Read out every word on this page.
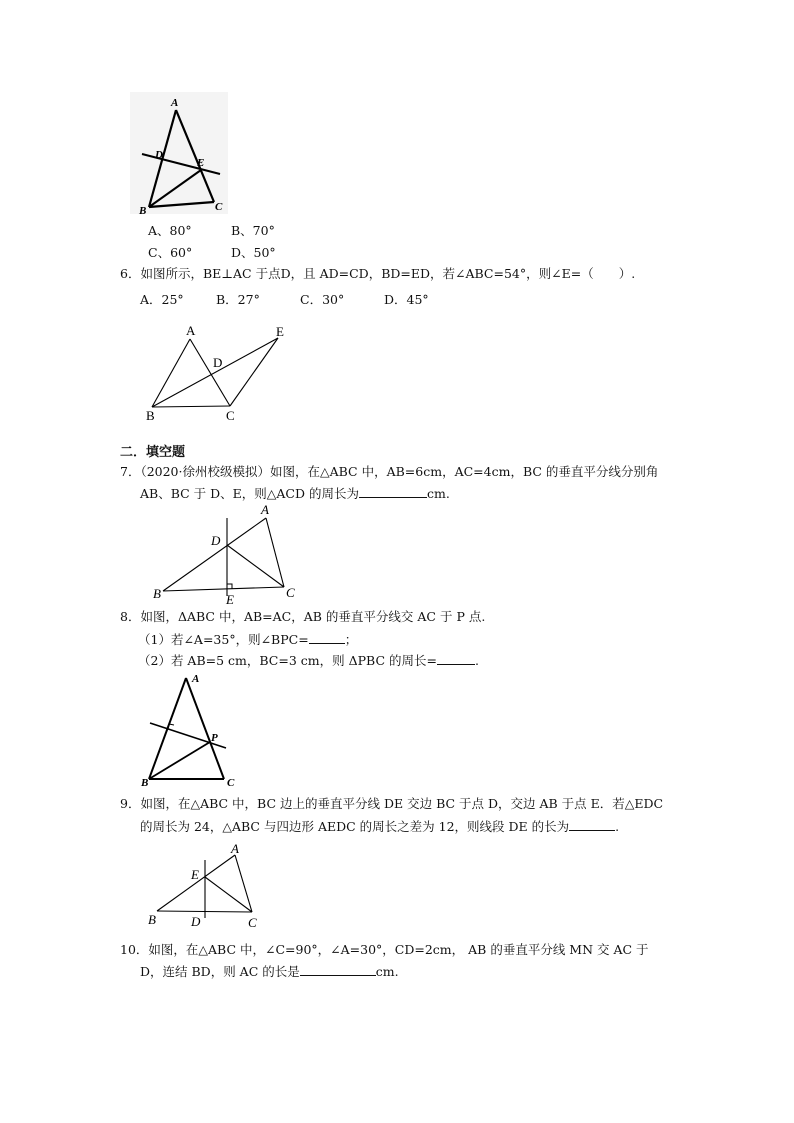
A
D
E
B	C
A、80°	B、70°
C、60°	D、50°
6．如图所示，BE⊥AC 于点D，且 AD=CD，BD=ED，若∠ABC=54°，则∠E=（　　）.
A．25°	B．27°	C．30°	D．45°
A	E
D
B	C
二．填空题
7．（2020·徐州校级模拟）如图，在△ABC 中，AB=6cm，AC=4cm，BC 的垂直平分线分别角
AB、BC 于 D、E，则△ACD 的周长为	cm.
A
D
B	E	C
8．如图，ΔABC 中，AB=AC，AB 的垂直平分线交 AC 于 P 点.
（1）若∠A=35°，则∠BPC=	；
（2）若 AB=5 cm，BC=3 cm，则 ΔPBC 的周长=	.
A
P
B	C
9．如图，在△ABC 中，BC 边上的垂直平分线 DE 交边 BC 于点 D，交边 AB 于点 E．若△EDC
的周长为 24，△ABC 与四边形 AEDC 的周长之差为 12，则线段 DE 的长为	.
A
E
B	D	C
10．如图，在△ABC 中，∠C=90°，∠A=30°，CD=2cm， AB 的垂直平分线 MN 交 AC 于
D，连结 BD，则 AC 的长是	cm.
